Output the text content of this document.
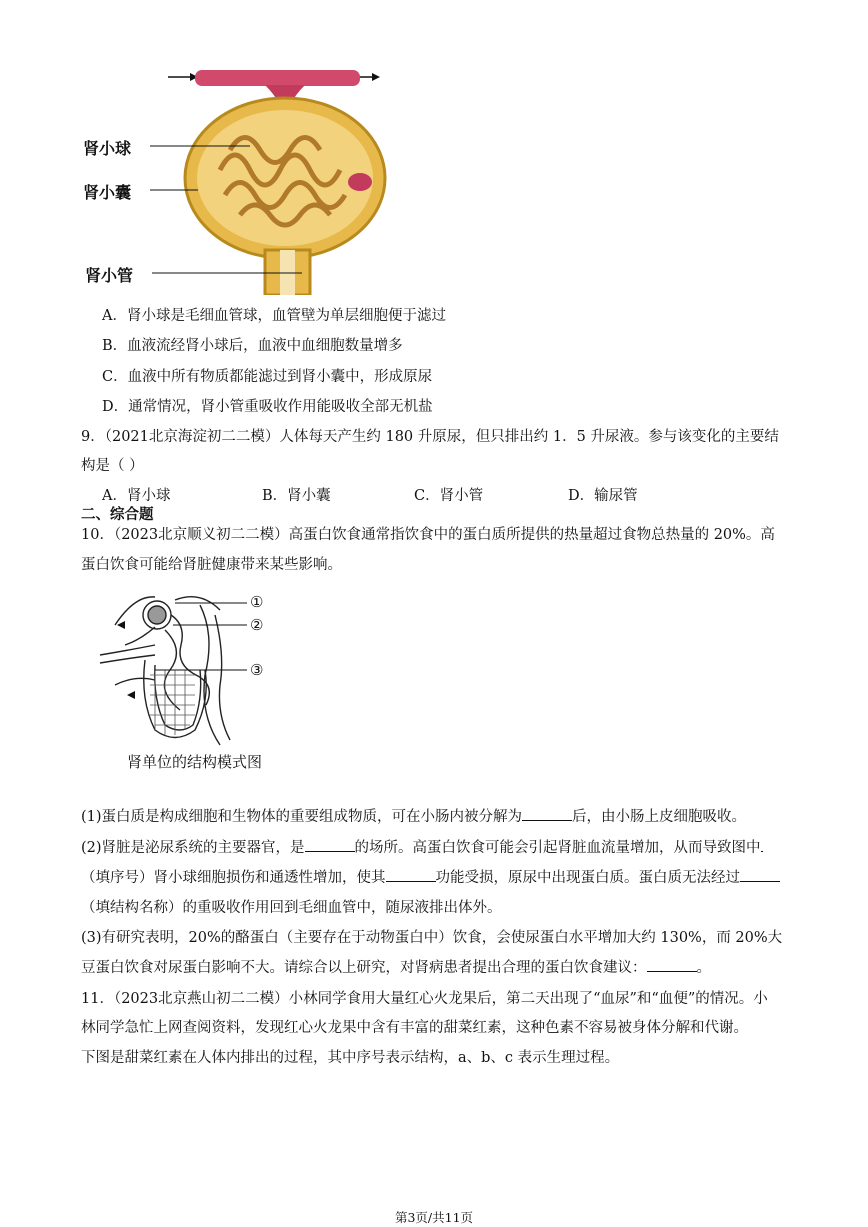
肾小球
肾小囊
肾小管
A．肾小球是毛细血管球，血管壁为单层细胞便于滤过
B．血液流经肾小球后，血液中血细胞数量增多
C．血液中所有物质都能滤过到肾小囊中，形成原尿
D．通常情况，肾小管重吸收作用能吸收全部无机盐
9．（2021北京海淀初二二模）人体每天产生约 180 升原尿，但只排出约 1．5 升尿液。参与该变化的主要结
构是（ ）
A．肾小球	B．肾小囊	C．肾小管	D．输尿管
二、综合题
10．（2023北京顺义初二二模）高蛋白饮食通常指饮食中的蛋白质所提供的热量超过食物总热量的 20%。高
蛋白饮食可能给肾脏健康带来某些影响。
①
②
③
肾单位的结构模式图
(1)蛋白质是构成细胞和生物体的重要组成物质，可在小肠内被分解为	后，由小肠上皮细胞吸收。
(2)肾脏是泌尿系统的主要器官，是	的场所。高蛋白饮食可能会引起肾脏血流量增加，从而导致图中
（填序号）肾小球细胞损伤和通透性增加，使其	功能受损，原尿中出现蛋白质。蛋白质无法经过
（填结构名称）的重吸收作用回到毛细血管中，随尿液排出体外。
(3)有研究表明，20%的酪蛋白（主要存在于动物蛋白中）饮食，会使尿蛋白水平增加大约 130%，而 20%大
豆蛋白饮食对尿蛋白影响不大。请综合以上研究，对肾病患者提出合理的蛋白饮食建议：	。
11．（2023北京燕山初二二模）小林同学食用大量红心火龙果后，第二天出现了“血尿”和“血便”的情况。小
林同学急忙上网查阅资料，发现红心火龙果中含有丰富的甜菜红素，这种色素不容易被身体分解和代谢。
下图是甜菜红素在人体内排出的过程，其中序号表示结构，a、b、c 表示生理过程。
第3页/共11页
